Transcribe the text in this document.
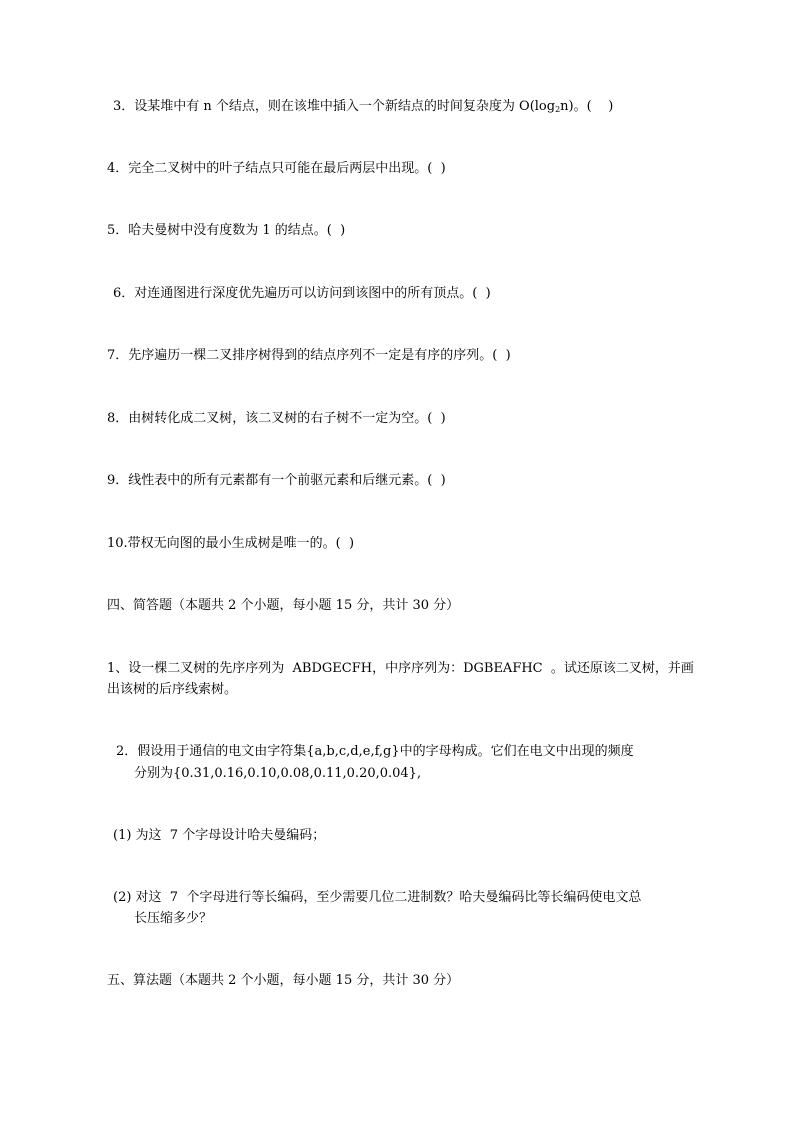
3．设某堆中有 n 个结点，则在该堆中插入一个新结点的时间复杂度为 $O(\log_2n)$。(    )
4．完全二叉树中的叶子结点只可能在最后两层中出现。(  )
5．哈夫曼树中没有度数为 1 的结点。(  )
6．对连通图进行深度优先遍历可以访问到该图中的所有顶点。(  )
7．先序遍历一棵二叉排序树得到的结点序列不一定是有序的序列。(  )
8．由树转化成二叉树，该二叉树的右子树不一定为空。(  )
9．线性表中的所有元素都有一个前驱元素和后继元素。(  )
10.带权无向图的最小生成树是唯一的。(  )
四、简答题（本题共 2 个小题，每小题 15 分，共计 30 分）
1、设一棵二叉树的先序序列为  ABDGECFH，中序序列为：DGBEAFHC  。试还原该二叉树，并画
出该树的后序线索树。
2．假设用于通信的电文由字符集{a,b,c,d,e,f,g}中的字母构成。它们在电文中出现的频度
分别为{0.31,0.16,0.10,0.08,0.11,0.20,0.04},
(1) 为这  7 个字母设计哈夫曼编码；
(2) 对这  7  个字母进行等长编码，至少需要几位二进制数？哈夫曼编码比等长编码使电文总
长压缩多少？
五、算法题（本题共 2 个小题，每小题 15 分，共计 30 分）
